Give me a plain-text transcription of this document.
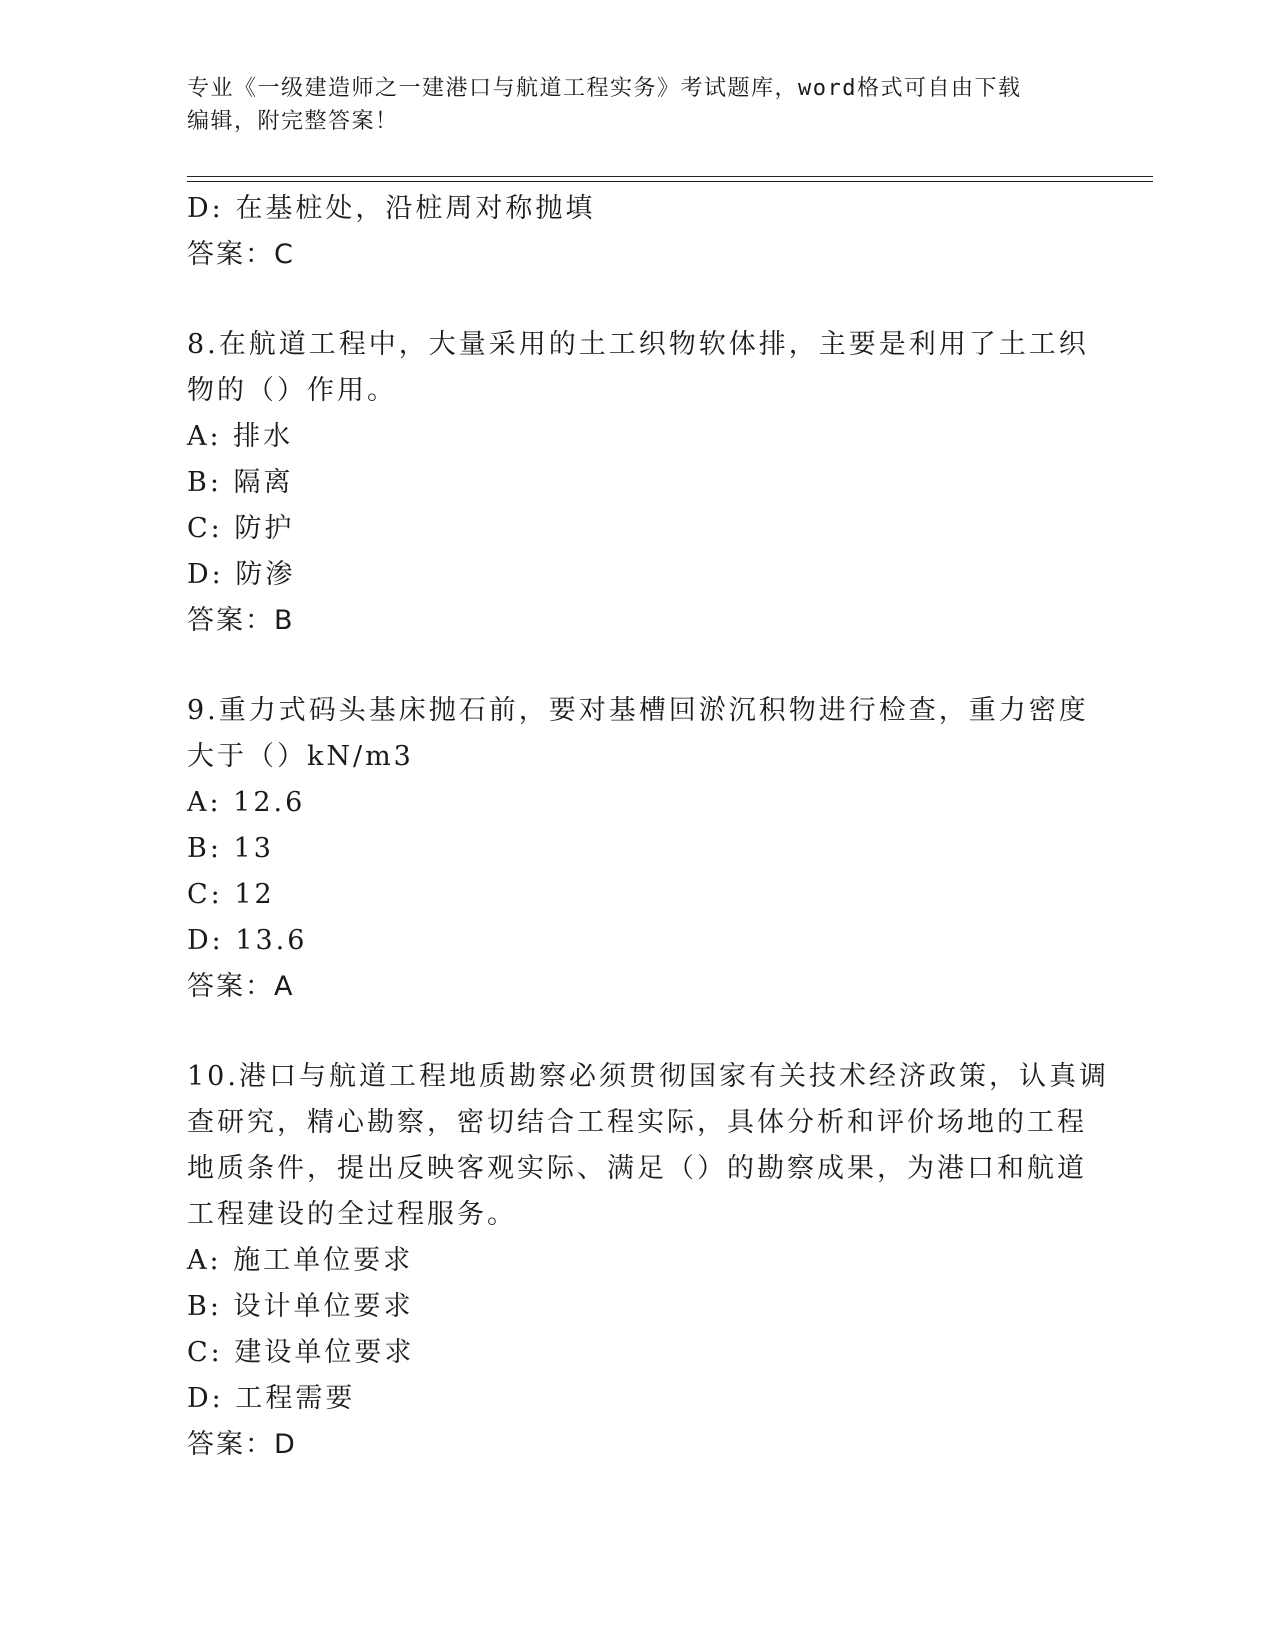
专业《一级建造师之一建港口与航道工程实务》考试题库，word格式可自由下载
编辑，附完整答案！
D: 在基桩处，沿桩周对称抛填
答案：C
8.在航道工程中，大量采用的土工织物软体排，主要是利用了土工织
物的（）作用。
A: 排水
B: 隔离
C: 防护
D: 防渗
答案：B
9.重力式码头基床抛石前，要对基槽回淤沉积物进行检查，重力密度
大于（）kN/m3
A: 12.6
B: 13
C: 12
D: 13.6
答案：A
10.港口与航道工程地质勘察必须贯彻国家有关技术经济政策，认真调
查研究，精心勘察，密切结合工程实际，具体分析和评价场地的工程
地质条件，提出反映客观实际、满足（）的勘察成果，为港口和航道
工程建设的全过程服务。
A: 施工单位要求
B: 设计单位要求
C: 建设单位要求
D: 工程需要
答案：D
